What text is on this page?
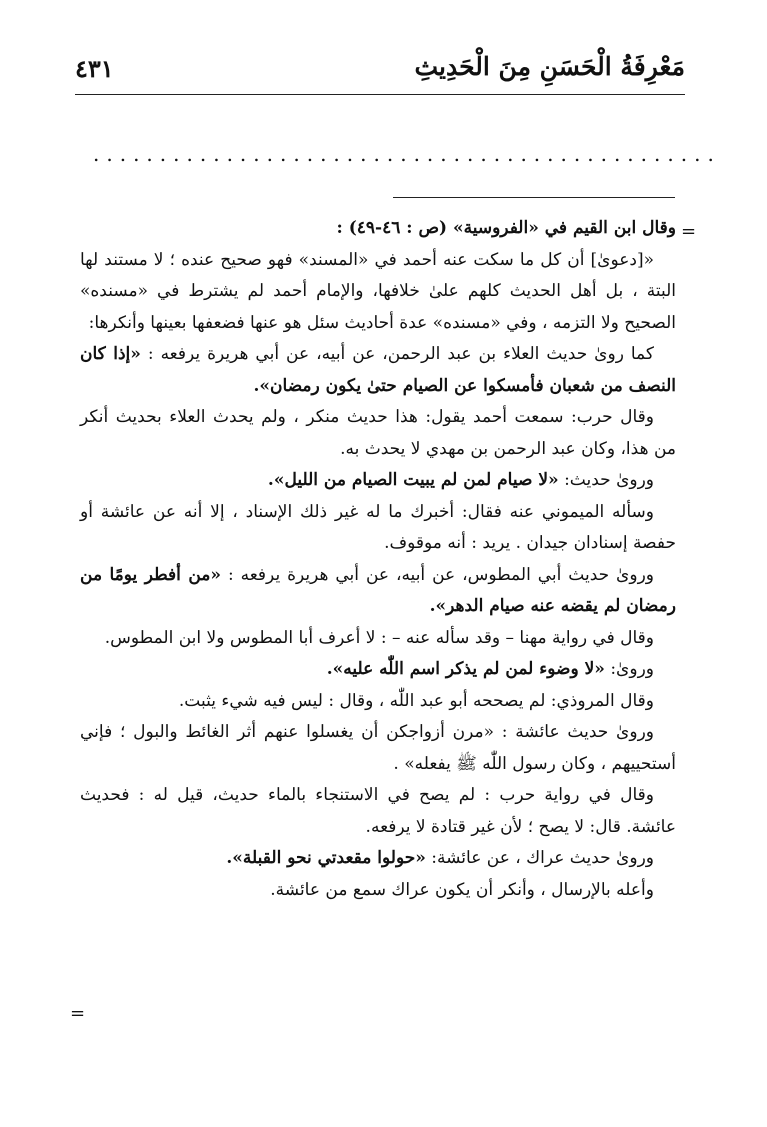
مَعْرِفَةُ الْحَسَنِ مِنَ الْحَدِيثِ
٤٣١
...............................................
=
=

وقال ابن القيم في «الفروسية» (ص : ٤٦-٤٩) :

«[دعوىٰ] أن كل ما سكت عنه أحمد في «المسند» فهو صحيح عنده ؛ لا مستند لها البتة ، بل أهل الحديث كلهم علىٰ خلافها، والإمام أحمد لم يشترط في «مسنده» الصحيح ولا التزمه ، وفي «مسنده» عدة أحاديث سئل هو عنها فضعفها بعينها وأنكرها:

كما روىٰ حديث العلاء بن عبد الرحمن، عن أبيه، عن أبي هريرة يرفعه : «إذا كان النصف من شعبان فأمسكوا عن الصيام حتىٰ يكون رمضان».

وقال حرب: سمعت أحمد يقول: هذا حديث منكر ، ولم يحدث العلاء بحديث أنكر من هذا، وكان عبد الرحمن بن مهدي لا يحدث به.

وروىٰ حديث: «لا صيام لمن لم يبيت الصيام من الليل».

وسأله الميموني عنه فقال: أخبرك ما له غير ذلك الإسناد ، إلا أنه عن عائشة أو حفصة إسنادان جيدان . يريد : أنه موقوف.

وروىٰ حديث أبي المطوس، عن أبيه، عن أبي هريرة يرفعه : «من أفطر يومًا من رمضان لم يقضه عنه صيام الدهر».

وقال في رواية مهنا – وقد سأله عنه – : لا أعرف أبا المطوس ولا ابن المطوس.

وروىٰ: «لا وضوء لمن لم يذكر اسم اللّٰه عليه».

وقال المروذي: لم يصححه أبو عبد اللّٰه ، وقال : ليس فيه شيء يثبت.

وروىٰ حديث عائشة : «مرن أزواجكن أن يغسلوا عنهم أثر الغائط والبول ؛ فإني أستحييهم ، وكان رسول اللّٰه ﷺ يفعله» .

وقال في رواية حرب : لم يصح في الاستنجاء بالماء حديث، قيل له : فحديث عائشة. قال: لا يصح ؛ لأن غير قتادة لا يرفعه.

وروىٰ حديث عراك ، عن عائشة: «حولوا مقعدتي نحو القبلة».

وأعله بالإرسال ، وأنكر أن يكون عراك سمع من عائشة.
